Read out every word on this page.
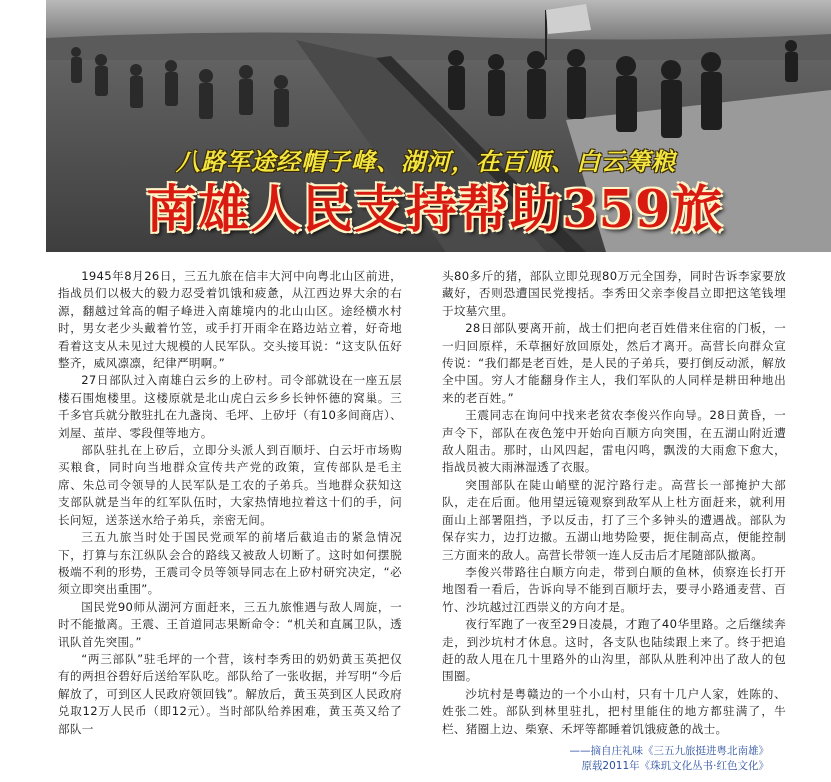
八路军途经帽子峰、湖河，在百顺、白云筹粮
南雄人民支持帮助359旅

1945年8月26日，三五九旅在信丰大河中向粤北山区前进，指战员们以极大的毅力忍受着饥饿和疲惫，从江西边界大余的右源，翻越过耸高的帽子峰进入南雄境内的北山山区。途经横水村时，男女老少头戴着竹笠，或手打开雨伞在路边站立着，好奇地看着这支从未见过大规模的人民军队。交头接耳说：“这支队伍好整齐，威风凛凛，纪律严明啊。”

27日部队过入南雄白云乡的上矽村。司令部就设在一座五层楼石围炮楼里。这楼原就是北山虎白云乡乡长钟怀德的窝巢。三千多官兵就分散驻扎在九盏岗、毛坪、上矽圩（有10多间商店）、刘屋、茧岸、零段俚等地方。

部队驻扎在上矽后，立即分头派人到百顺圩、白云圩市场购买粮食，同时向当地群众宣传共产党的政策，宣传部队是毛主席、朱总司令领导的人民军队是工农的子弟兵。当地群众获知这支部队就是当年的红军队伍时，大家热情地拉着这十们的手，问长问短，送茶送水给子弟兵，亲密无间。

三五九旅当时处于国民党顽军的前堵后截追击的紧急情况下，打算与东江纵队会合的路线又被敌人切断了。这时如何摆脱极端不利的形势，王震司令员等领导同志在上矽村研究决定，“必须立即突出重围”。

国民党90师从湖河方面赶来，三五九旅惟遇与敌人周旋，一时不能撤离。王震、王首道同志果断命令：“机关和直属卫队，透讯队首先突围。”

“两三部队”驻毛坪的一个营，该村李秀田的奶奶黄玉英把仅有的两担谷碧好后送给军队吃。部队给了一张收据，并写明“今后解放了，可到区人民政府领回钱”。解放后，黄玉英到区人民政府兑取12万人民币（即12元）。当时部队给养困难，黄玉英又给了部队一

头80多斤的猪，部队立即兑现80万元全国券，同时告诉李家要放藏好，否则恐遭国民党搜括。李秀田父亲李俊昌立即把这笔钱埋于坟墓穴里。

28日部队要离开前，战士们把向老百姓借来住宿的门板，一一归回原样，禾草捆好放回原处，然后才离开。高营长向群众宣传说：“我们都是老百姓，是人民的子弟兵，要打倒反动派，解放全中国。穷人才能翻身作主人，我们军队的人同样是耕田种地出来的老百姓。”

王震同志在询问中找来老贫农李俊兴作向导。28日黄昏，一声令下，部队在夜色笼中开始向百顺方向突围，在五湖山附近遭敌人阻击。那时，山风四起，雷电闪鸣，飘泼的大雨愈下愈大，指战员被大雨淋湿透了衣服。

突围部队在陡山峭壁的泥泞路行走。高营长一部掩护大部队，走在后面。他用望远镜观察到敌军从上杜方面赶来，就利用面山上部署阻挡，予以反击，打了三个多钟头的遭遇战。部队为保存实力，边打边撤。五湖山地势险要，扼住制高点，便能控制三方面来的敌人。高营长带领一连人反击后才尾随部队撤离。

李俊兴带路往白顺方向走，带到白顺的鱼林，侦察连长打开地图看一看后，告诉向导不能到百顺圩去，要寻小路通麦营、百竹、沙坑越过江西崇义的方向才是。

夜行军跑了一夜至29日凌晨，才跑了40华里路。之后继续奔走，到沙坑村才休息。这时，各支队也陆续跟上来了。终于把追赶的敌人甩在几十里路外的山沟里，部队从胜利冲出了敌人的包围圈。

沙坑村是粤赣边的一个小山村，只有十几户人家，姓陈的、姓张二姓。部队到林里驻扎，把村里能住的地方都驻满了，牛栏、猪圈上边、柴寮、禾坪等都睡着饥饿疲惫的战士。

——摘自庄礼味《三五九旅挺进粤北南雄》
原载2011年《珠玑文化丛书·红色文化》
